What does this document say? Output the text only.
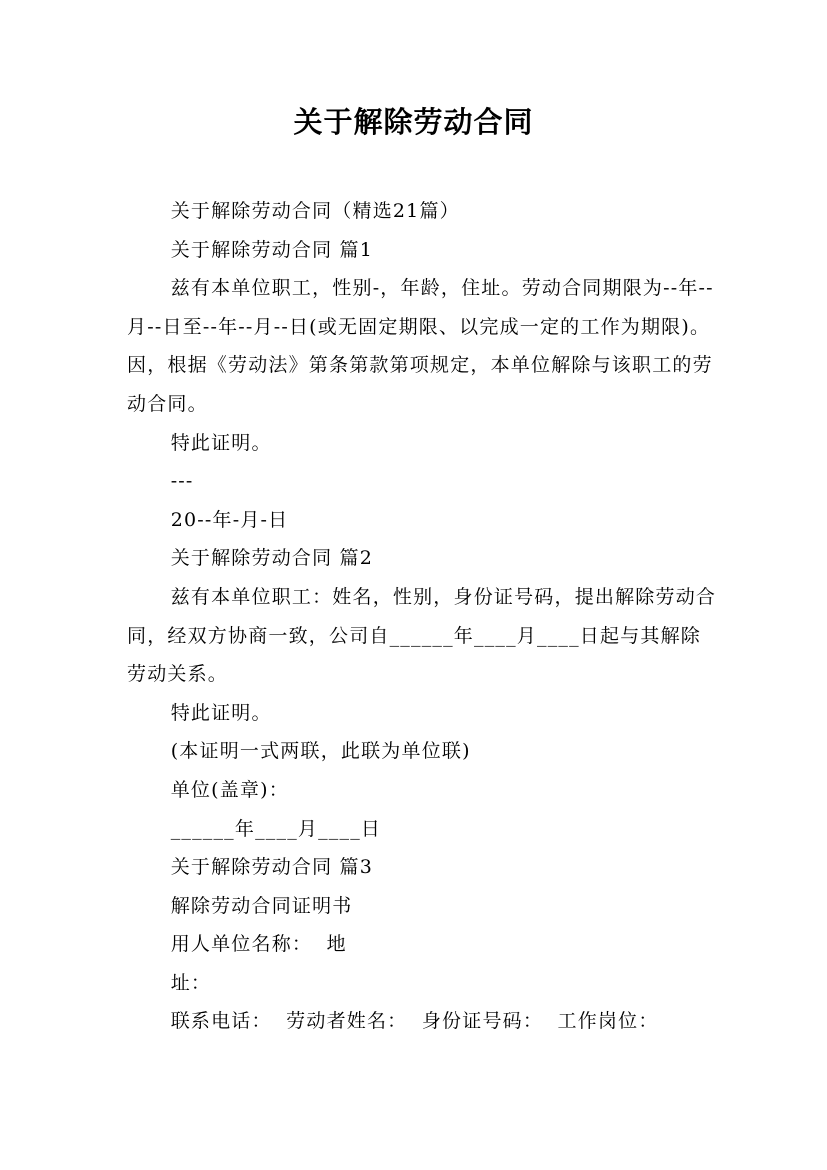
关于解除劳动合同

关于解除劳动合同（精选21篇）

关于解除劳动合同 篇1

兹有本单位职工，性别-，年龄，住址。劳动合同期限为--年--月--日至--年--月--日(或无固定期限、以完成一定的工作为期限)。因，根据《劳动法》第条第款第项规定，本单位解除与该职工的劳动合同。

特此证明。

---

20--年-月-日

关于解除劳动合同 篇2

兹有本单位职工：姓名，性别，身份证号码，提出解除劳动合同，经双方协商一致，公司自______年____月____日起与其解除劳动关系。

特此证明。

(本证明一式两联，此联为单位联)

单位(盖章)：

______年____月____日

关于解除劳动合同 篇3

解除劳动合同证明书

用人单位名称：  地

址：

联系电话：  劳动者姓名：  身份证号码：  工作岗位：
